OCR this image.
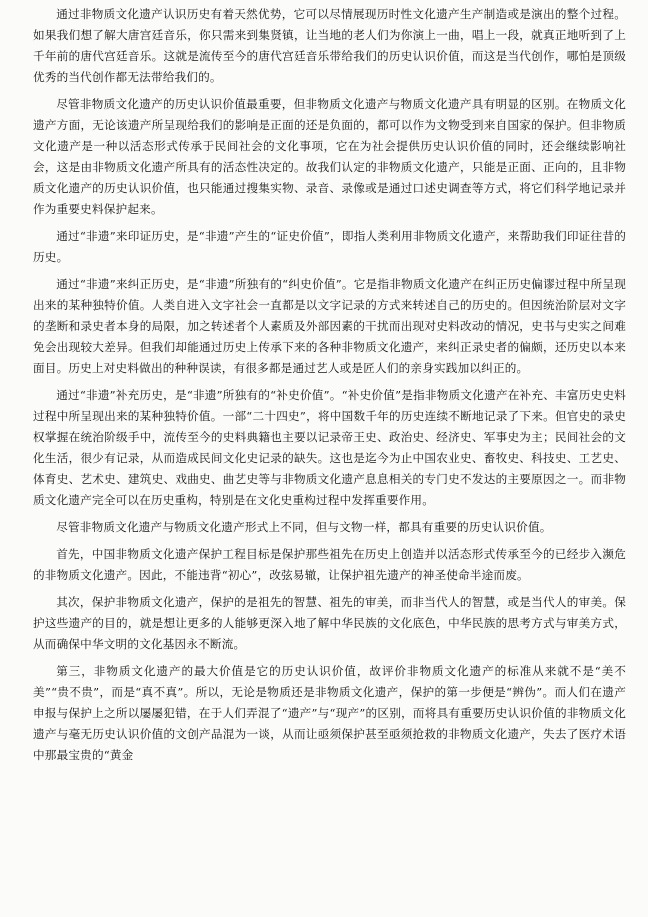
通过非物质文化遗产认识历史有着天然优势，它可以尽情展现历时性文化遗产生产制造或是演出的整个过程。如果我们想了解大唐宫廷音乐，你只需来到集贤镇，让当地的老人们为你演上一曲，唱上一段，就真正地听到了上千年前的唐代宫廷音乐。这就是流传至今的唐代宫廷音乐带给我们的历史认识价值，而这是当代创作，哪怕是顶级优秀的当代创作都无法带给我们的。

尽管非物质文化遗产的历史认识价值最重要，但非物质文化遗产与物质文化遗产具有明显的区别。在物质文化遗产方面，无论该遗产所呈现给我们的影响是正面的还是负面的，都可以作为文物受到来自国家的保护。但非物质文化遗产是一种以活态形式传承于民间社会的文化事项，它在为社会提供历史认识价值的同时，还会继续影响社会，这是由非物质文化遗产所具有的活态性决定的。故我们认定的非物质文化遗产，只能是正面、正向的，且非物质文化遗产的历史认识价值，也只能通过搜集实物、录音、录像或是通过口述史调查等方式，将它们科学地记录并作为重要史料保护起来。

通过“非遗”来印证历史，是“非遗”产生的“证史价值”，即指人类利用非物质文化遗产，来帮助我们印证往昔的历史。

通过“非遗”来纠正历史，是“非遗”所独有的“纠史价值”。它是指非物质文化遗产在纠正历史偏谬过程中所呈现出来的某种独特价值。人类自进入文字社会一直都是以文字记录的方式来转述自己的历史的。但因统治阶层对文字的垄断和录史者本身的局限，加之转述者个人素质及外部因素的干扰而出现对史料改动的情况，史书与史实之间难免会出现较大差异。但我们却能通过历史上传承下来的各种非物质文化遗产，来纠正录史者的偏颇，还历史以本来面目。历史上对史料做出的种种误读，有很多都是通过艺人或是匠人们的亲身实践加以纠正的。

通过“非遗”补充历史，是“非遗”所独有的“补史价值”。“补史价值”是指非物质文化遗产在补充、丰富历史史料过程中所呈现出来的某种独特价值。一部“二十四史”，将中国数千年的历史连续不断地记录了下来。但官史的录史权掌握在统治阶级手中，流传至今的史料典籍也主要以记录帝王史、政治史、经济史、军事史为主；民间社会的文化生活，很少有记录，从而造成民间文化史记录的缺失。这也是迄今为止中国农业史、畜牧史、科技史、工艺史、体育史、艺术史、建筑史、戏曲史、曲艺史等与非物质文化遗产息息相关的专门史不发达的主要原因之一。而非物质文化遗产完全可以在历史重构，特别是在文化史重构过程中发挥重要作用。

尽管非物质文化遗产与物质文化遗产形式上不同，但与文物一样，都具有重要的历史认识价值。

首先，中国非物质文化遗产保护工程目标是保护那些祖先在历史上创造并以活态形式传承至今的已经步入濒危的非物质文化遗产。因此，不能违背“初心”，改弦易辙，让保护祖先遗产的神圣使命半途而废。

其次，保护非物质文化遗产，保护的是祖先的智慧、祖先的审美，而非当代人的智慧，或是当代人的审美。保护这些遗产的目的，就是想让更多的人能够更深入地了解中华民族的文化底色，中华民族的思考方式与审美方式，从而确保中华文明的文化基因永不断流。

第三，非物质文化遗产的最大价值是它的历史认识价值，故评价非物质文化遗产的标准从来就不是“美不美”“贵不贵”，而是“真不真”。所以，无论是物质还是非物质文化遗产，保护的第一步便是“辨伪”。而人们在遗产申报与保护上之所以屡屡犯错，在于人们弄混了“遗产”与“现产”的区别，而将具有重要历史认识价值的非物质文化遗产与毫无历史认识价值的文创产品混为一谈，从而让亟须保护甚至亟须抢救的非物质文化遗产，失去了医疗术语中那最宝贵的“黄金
